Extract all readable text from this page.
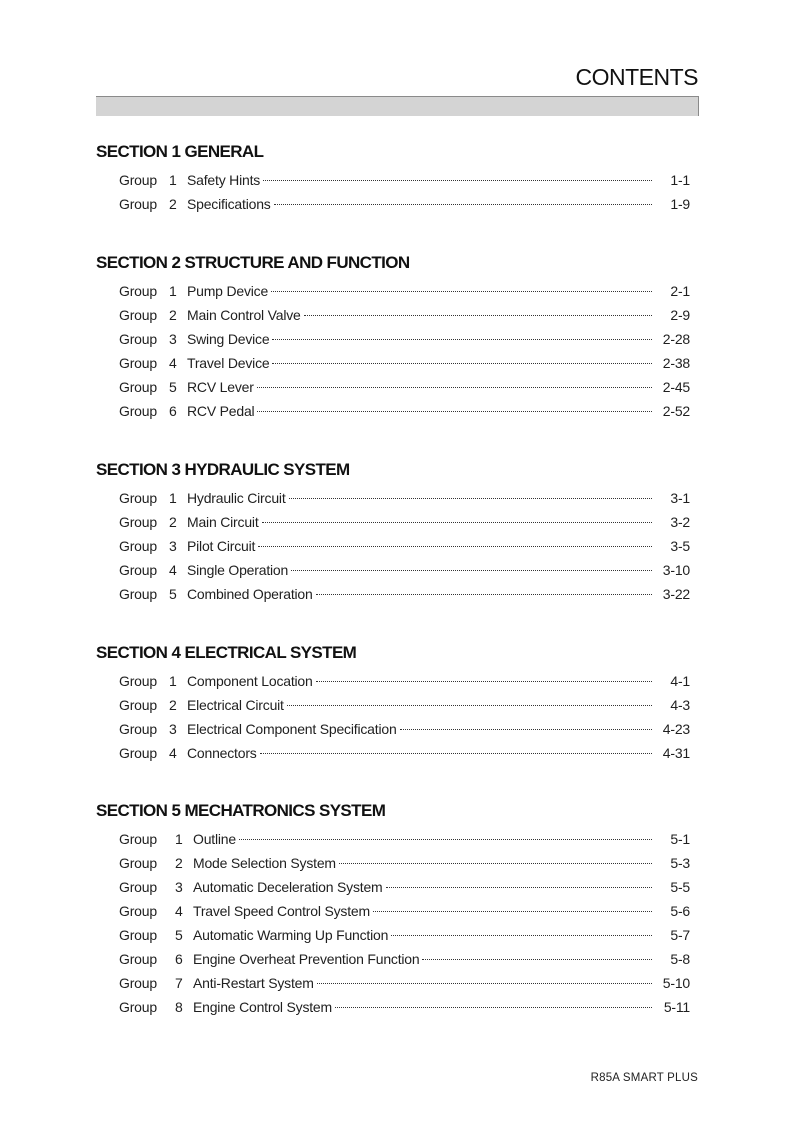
CONTENTS
SECTION 1 GENERAL
Group 1 Safety Hints	1-1
Group 2 Specifications	1-9
SECTION 2 STRUCTURE AND FUNCTION
Group 1 Pump Device	2-1
Group 2 Main Control Valve	2-9
Group 3 Swing Device	2-28
Group 4 Travel Device	2-38
Group 5 RCV Lever	2-45
Group 6 RCV Pedal	2-52
SECTION 3 HYDRAULIC SYSTEM
Group 1 Hydraulic Circuit	3-1
Group 2 Main Circuit	3-2
Group 3 Pilot Circuit	3-5
Group 4 Single Operation	3-10
Group 5 Combined Operation	3-22
SECTION 4 ELECTRICAL SYSTEM
Group 1 Component Location	4-1
Group 2 Electrical Circuit	4-3
Group 3 Electrical Component Specification	4-23
Group 4 Connectors	4-31
SECTION 5 MECHATRONICS SYSTEM
Group	1 Outline	5-1
Group	2 Mode Selection System	5-3
Group	3 Automatic Deceleration System	5-5
Group	4 Travel Speed Control System	5-6
Group	5 Automatic Warming Up Function	5-7
Group	6 Engine Overheat Prevention Function	5-8
Group	7 Anti-Restart System	5-10
Group	8 Engine Control System	5-11
R85A SMART PLUS
